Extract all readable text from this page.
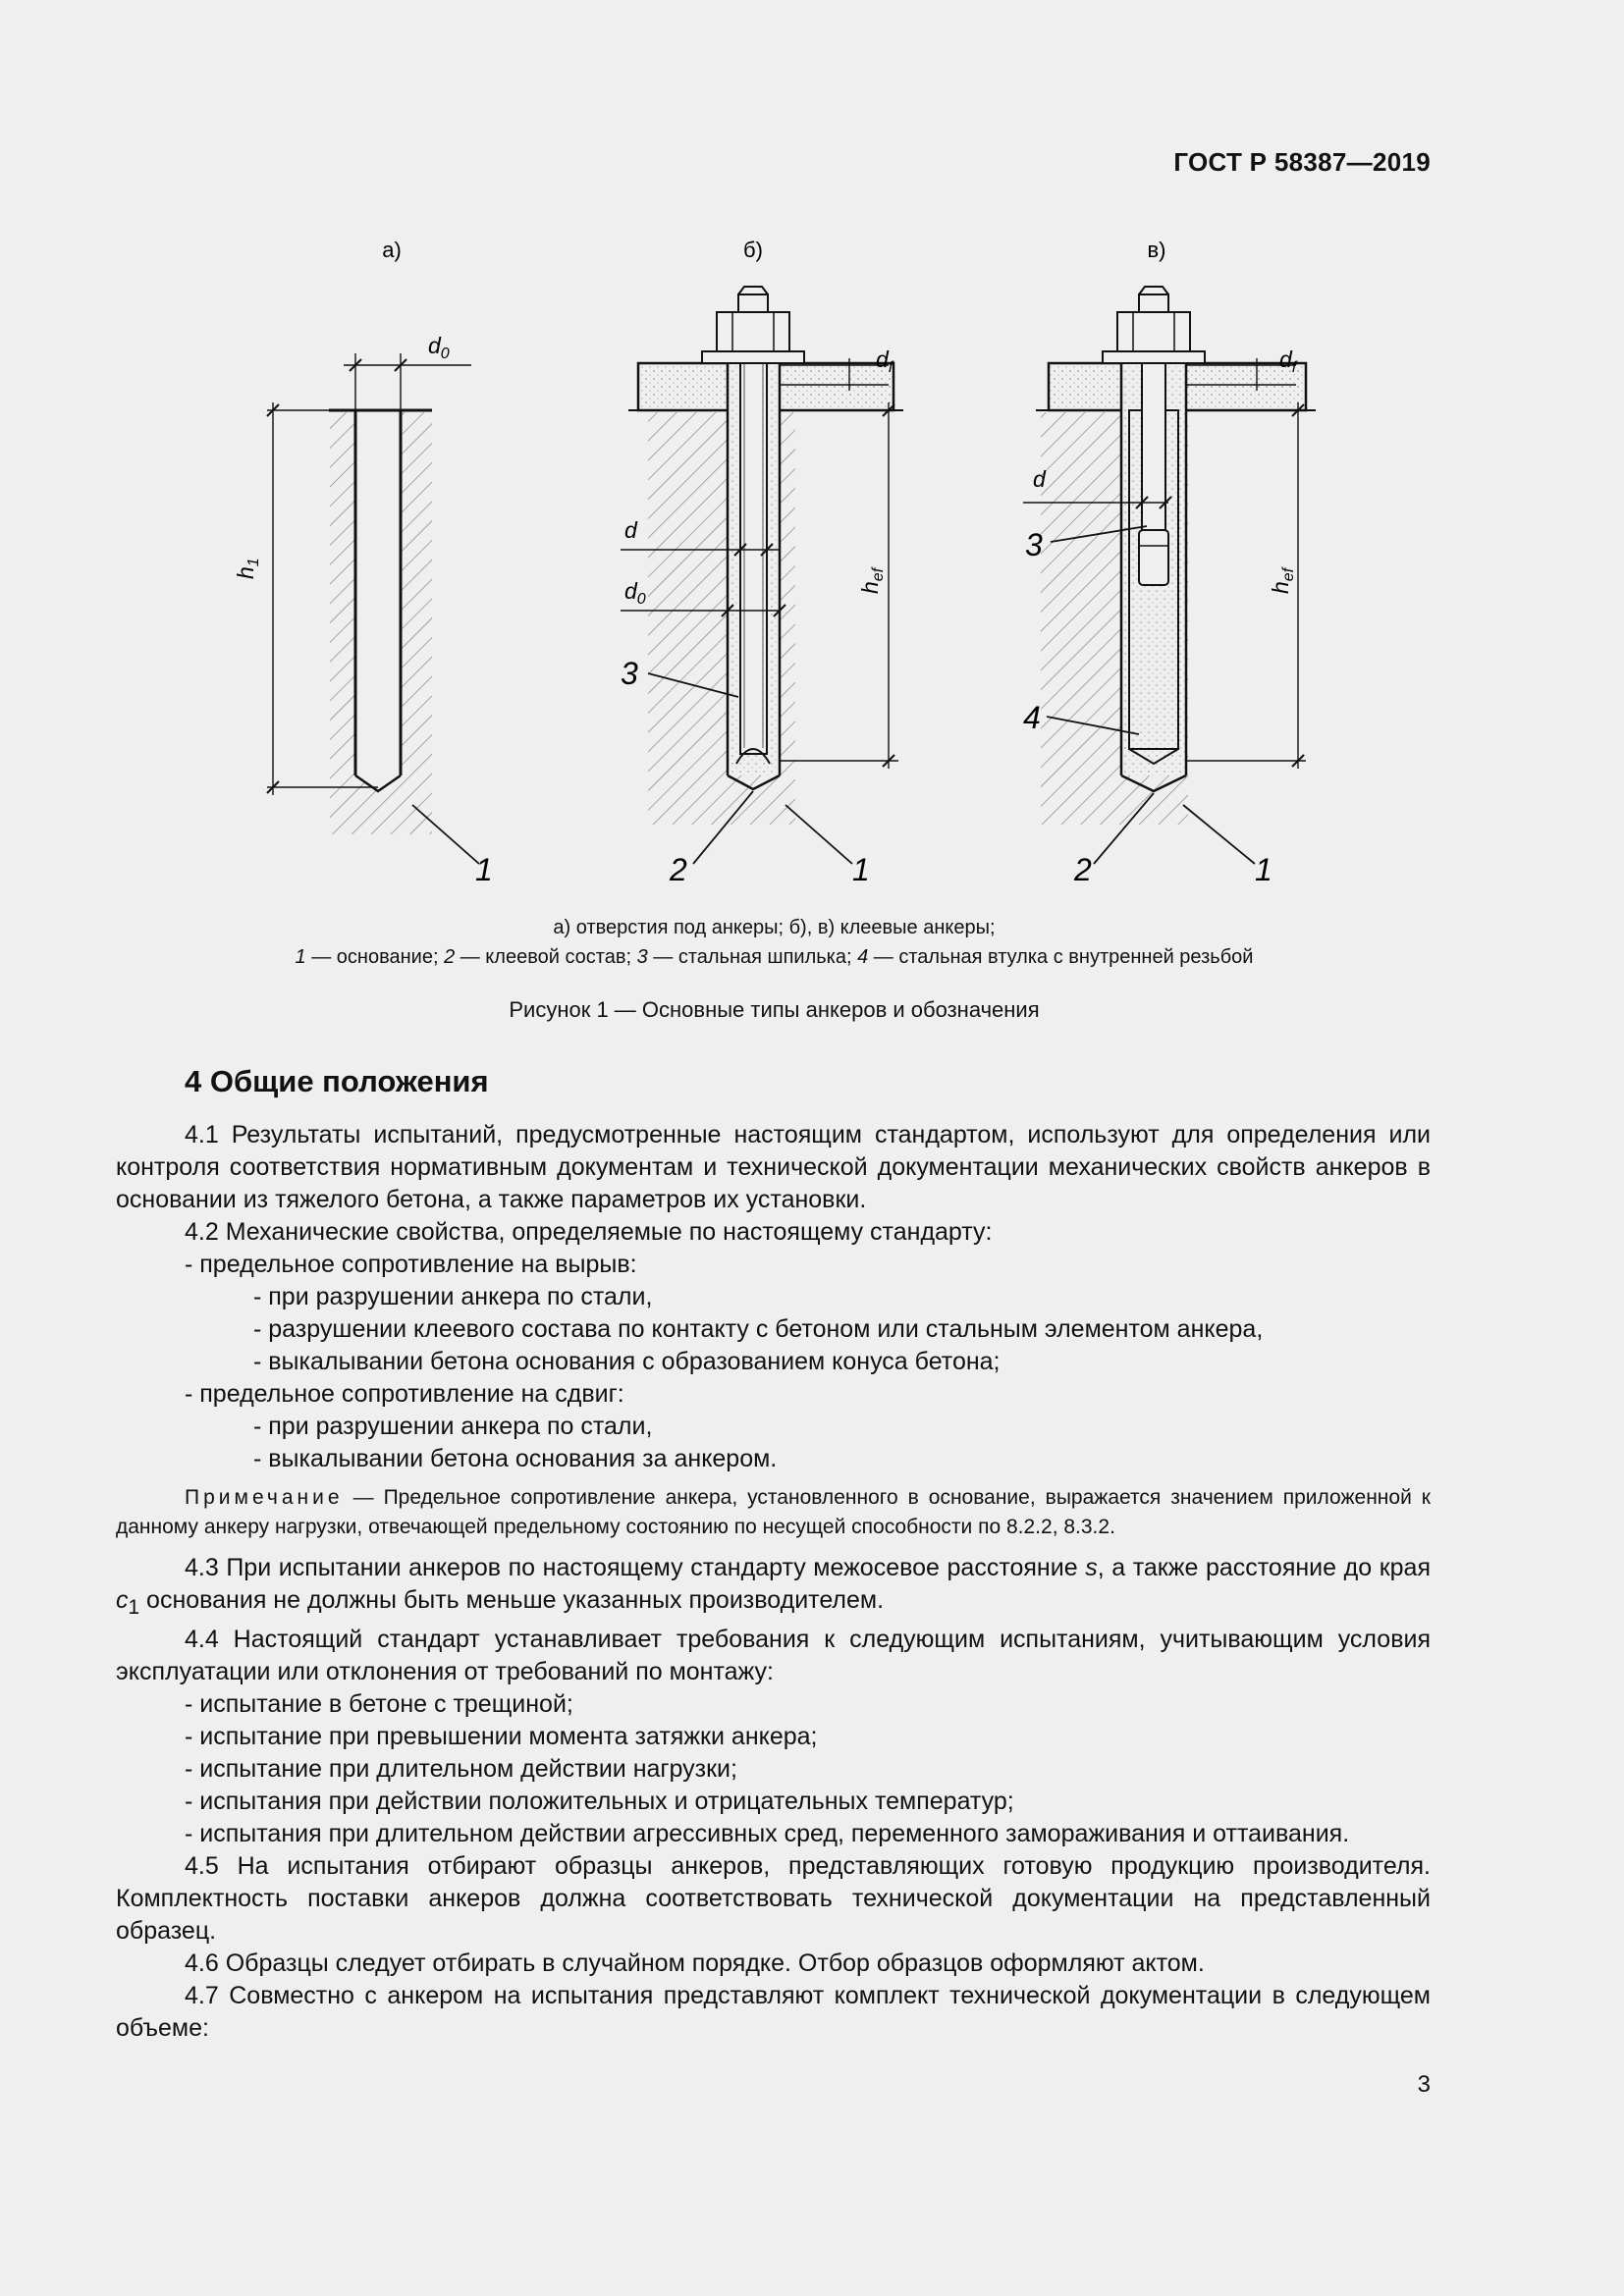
ГОСТ Р 58387—2019
а)	б)	в)
$d_0$
$h_1$
1
$d_f$
d
$d_0$
$h_{ef}$
3
2	1
$d_f$
d
$h_{ef}$
3
4
2	1
а) отверстия под анкеры; б), в) клеевые анкеры;
1 — основание; 2 — клеевой состав; 3 — стальная шпилька; 4 — стальная втулка с внутренней резьбой
Рисунок 1 — Основные типы анкеров и обозначения
4 Общие положения

4.1 Результаты испытаний, предусмотренные настоящим стандартом, используют для определения или контроля соответствия нормативным документам и технической документации механических свойств анкеров в основании из тяжелого бетона, а также параметров их установки.

4.2 Механические свойства, определяемые по настоящему стандарту:

- предельное сопротивление на вырыв:

- при разрушении анкера по стали,

- разрушении клеевого состава по контакту с бетоном или стальным элементом анкера,

- выкалывании бетона основания с образованием конуса бетона;

- предельное сопротивление на сдвиг:

- при разрушении анкера по стали,

- выкалывании бетона основания за анкером.

Примечание — Предельное сопротивление анкера, установленного в основание, выражается значением приложенной к данному анкеру нагрузки, отвечающей предельному состоянию по несущей способности по 8.2.2, 8.3.2.

4.3 При испытании анкеров по настоящему стандарту межосевое расстояние s, а также расстояние до края $c_1$ основания не должны быть меньше указанных производителем.

4.4 Настоящий стандарт устанавливает требования к следующим испытаниям, учитывающим условия эксплуатации или отклонения от требований по монтажу:

- испытание в бетоне с трещиной;

- испытание при превышении момента затяжки анкера;

- испытание при длительном действии нагрузки;

- испытания при действии положительных и отрицательных температур;

- испытания при длительном действии агрессивных сред, переменного замораживания и оттаивания.

4.5 На испытания отбирают образцы анкеров, представляющих готовую продукцию производителя. Комплектность поставки анкеров должна соответствовать технической документации на представленный образец.

4.6 Образцы следует отбирать в случайном порядке. Отбор образцов оформляют актом.

4.7 Совместно с анкером на испытания представляют комплект технической документации в следующем объеме:

3
